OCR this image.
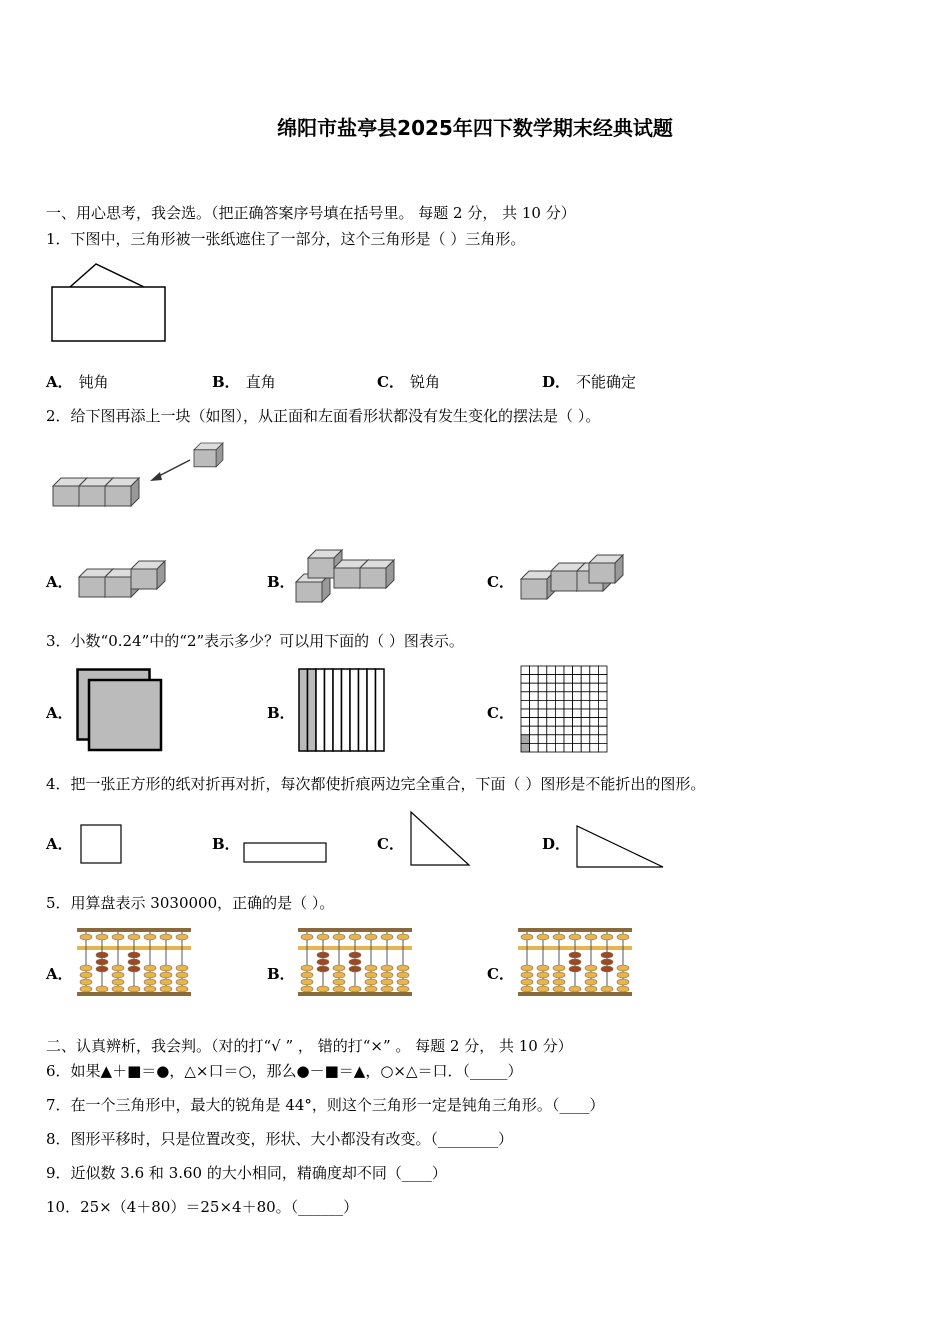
绵阳市盐亭县2025年四下数学期末经典试题
一、用心思考，我会选。（把正确答案序号填在括号里。 每题 2 分， 共 10 分）
1．下图中，三角形被一张纸遮住了一部分，这个三角形是（ ）三角形。
A． 钝角	B． 直角	C． 锐角	D． 不能确定
2．给下图再添上一块（如图），从正面和左面看形状都没有发生变化的摆法是（ ）。
A．	B．	C．
3．小数“0.24”中的“2”表示多少？可以用下面的（ ）图表示。
A．	B．	C．
4．把一张正方形的纸对折再对折，每次都使折痕两边完全重合，下面（ ）图形是不能折出的图形。
A．	B．	C．	D．
5．用算盘表示 3030000，正确的是（ ）。
A．	B．	C．
二、认真辨析，我会判。（对的打“√ ” ， 错的打“×” 。 每题 2 分， 共 10 分）
6．如果▲＋■＝●，△×口＝○，那么●－■＝▲，○×△＝口．（_____）
7．在一个三角形中，最大的锐角是 44°，则这个三角形一定是钝角三角形。（____）
8．图形平移时，只是位置改变，形状、大小都没有改变。（________）
9．近似数 3.6 和 3.60 的大小相同，精确度却不同（____）
10．25×（4＋80）＝25×4＋80。（______）
